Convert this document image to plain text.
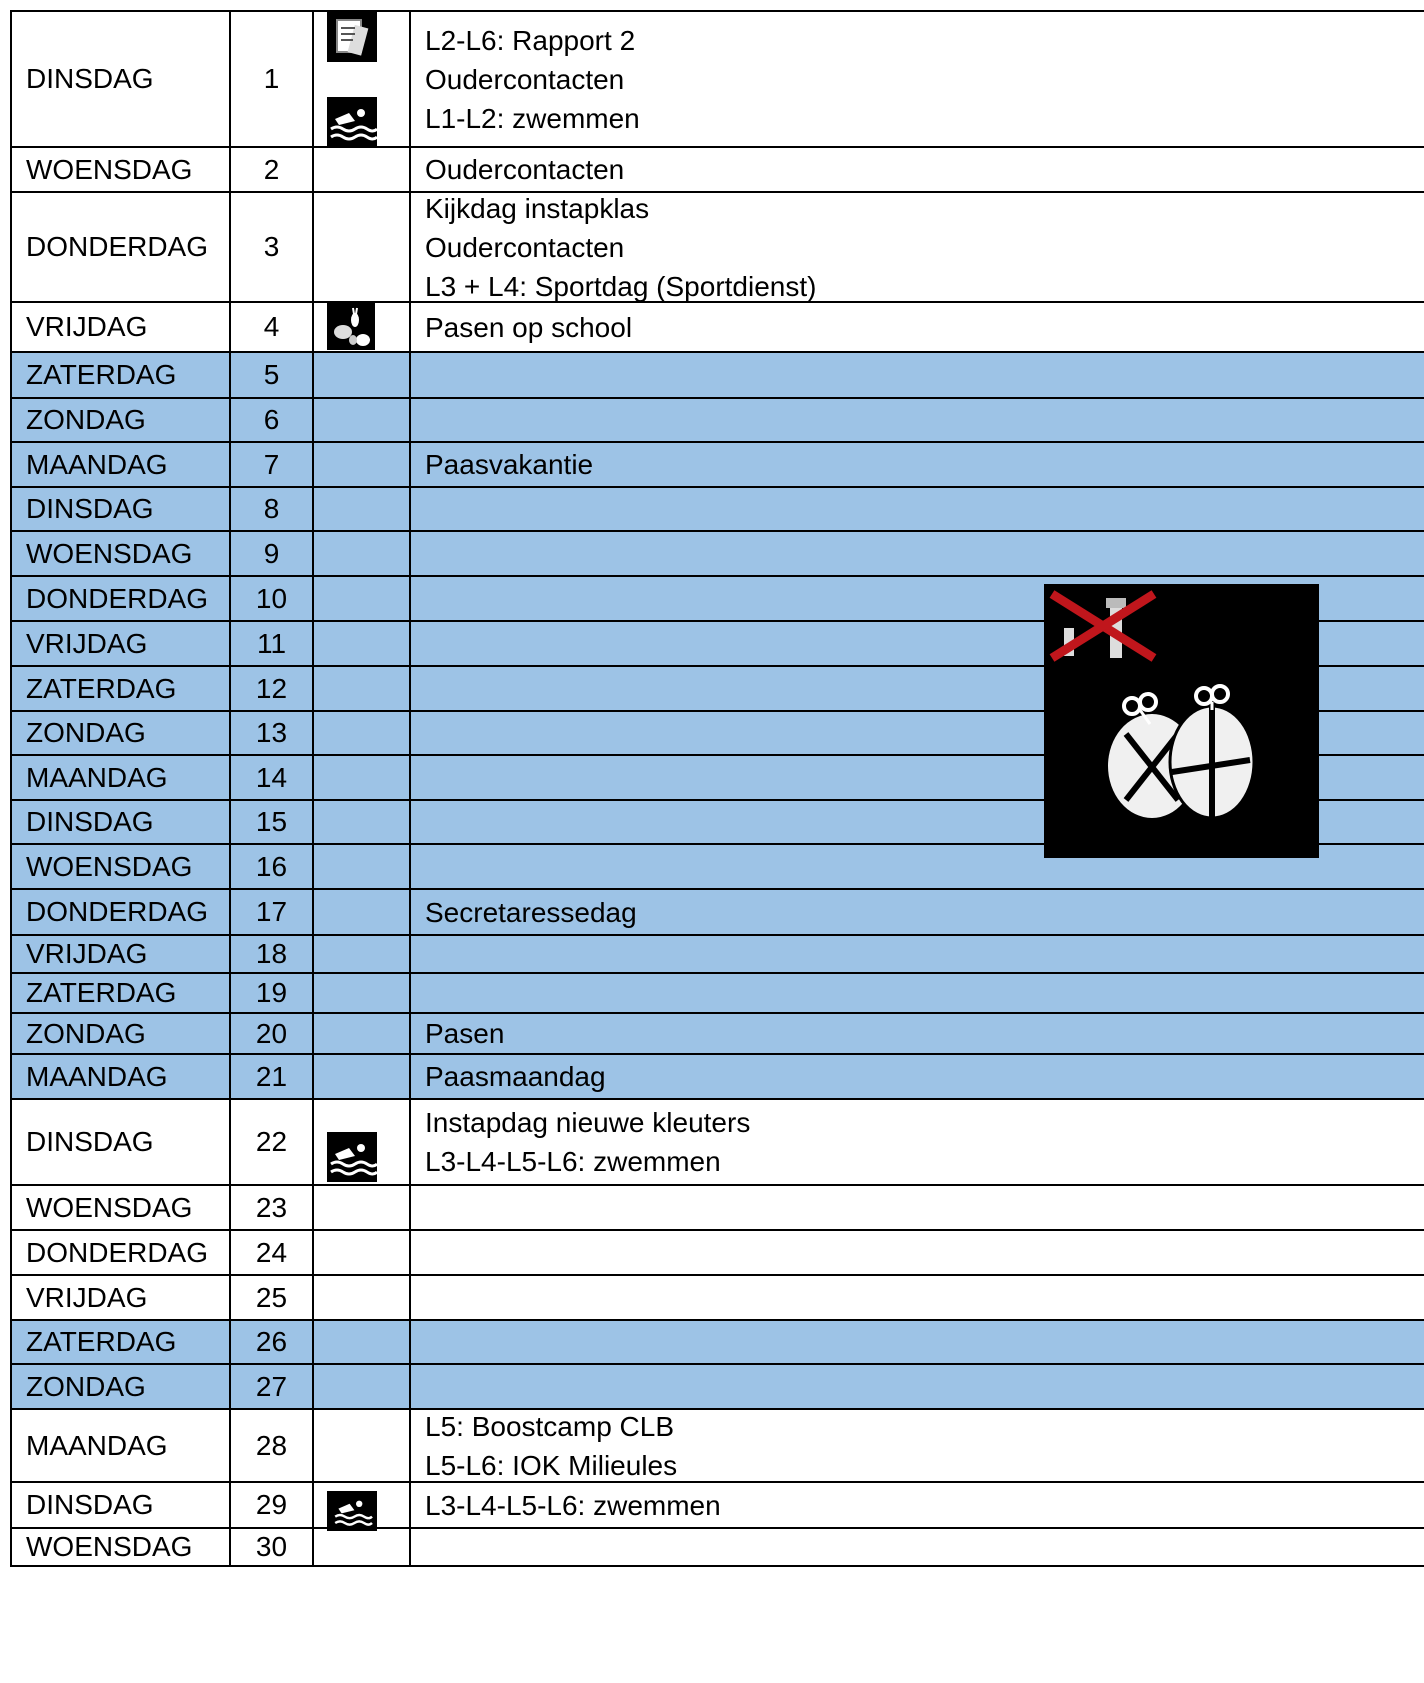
DINSDAG	1
L2-L6: Rapport 2
Oudercontacten
L1-L2: zwemmen
WOENSDAG	2	Oudercontacten
DONDERDAG	3
Kijkdag instapklas
Oudercontacten
L3 + L4: Sportdag (Sportdienst)
VRIJDAG	4	Pasen op school
ZATERDAG	5
ZONDAG	6
MAANDAG	7	Paasvakantie
DINSDAG	8
WOENSDAG	9
DONDERDAG	10
VRIJDAG	11
ZATERDAG	12
ZONDAG	13
MAANDAG	14
DINSDAG	15
WOENSDAG	16
DONDERDAG	17	Secretaressedag
VRIJDAG	18
ZATERDAG	19
ZONDAG	20	Pasen
MAANDAG	21	Paasmaandag
DINSDAG	22
Instapdag nieuwe kleuters
L3-L4-L5-L6: zwemmen
WOENSDAG	23
DONDERDAG	24
VRIJDAG	25
ZATERDAG	26
ZONDAG	27
MAANDAG	28
L5: Boostcamp CLB
L5-L6: IOK Milieules
DINSDAG	29	L3-L4-L5-L6: zwemmen
WOENSDAG	30
